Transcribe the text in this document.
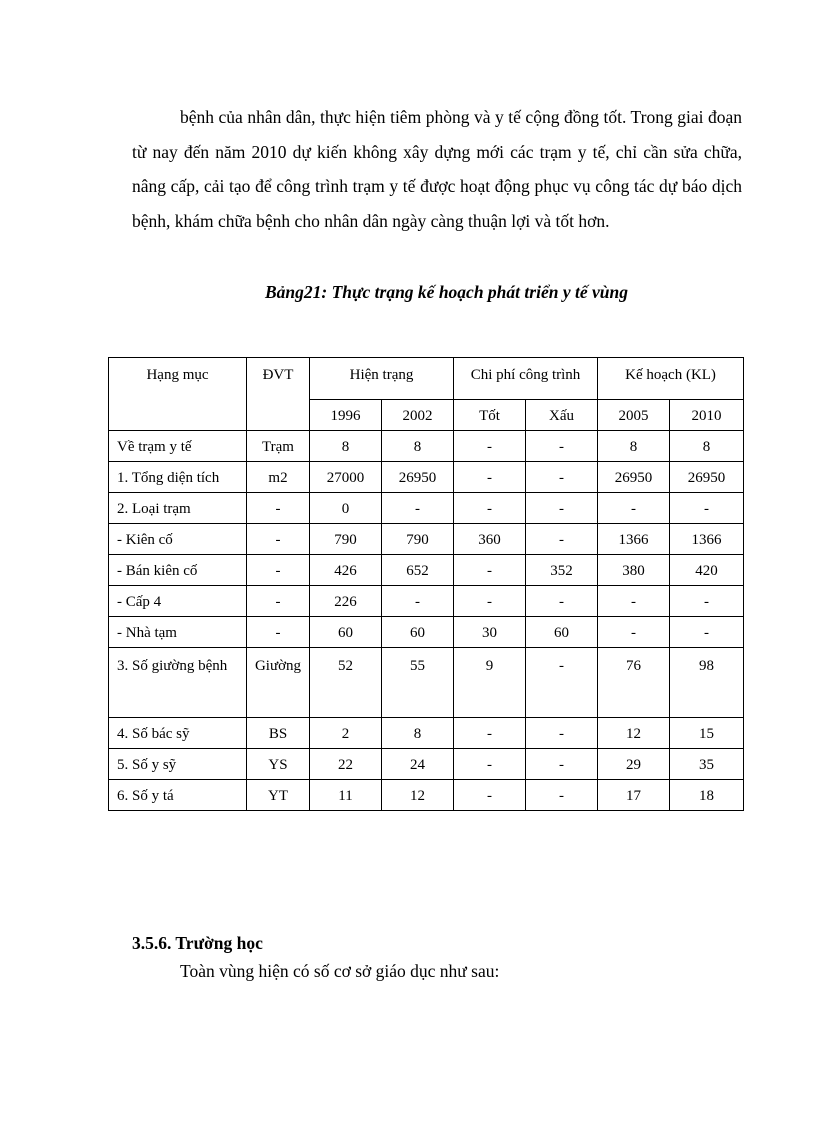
bệnh của nhân dân, thực hiện tiêm phòng và y tế cộng đồng tốt. Trong giai đoạn từ nay đến năm 2010 dự kiến không xây dựng mới các trạm y tế, chỉ cần sửa chữa, nâng cấp, cải tạo để công trình trạm y tế được hoạt động phục vụ công tác dự báo dịch bệnh, khám chữa bệnh cho nhân dân ngày càng thuận lợi và tốt hơn.
Bảng21: Thực trạng kế hoạch phát triển y tế vùng
Hạng mục	ĐVT	Hiện trạng		Chi phí công trình		Kế hoạch (KL)	
		1996	2002	Tốt	Xấu	2005	2010
Về trạm y tế	Trạm	8	8	-	-	8	8
1. Tổng diện tích	m2	27000	26950	-	-	26950	26950
2. Loại trạm	-	0	-	-	-	-	-
- Kiên cố	-	790	790	360	-	1366	1366
- Bán kiên cố	-	426	652	-	352	380	420
- Cấp 4	-	226	-	-	-	-	-
- Nhà tạm	-	60	60	30	60	-	-
3. Số giường bệnh	Giường	52	55	9	-	76	98
4. Số bác sỹ	BS	2	8	-	-	12	15
5. Số y sỹ	YS	22	24	-	-	29	35
6. Số y tá	YT	11	12	-	-	17	18
3.5.6. Trường học
Toàn vùng hiện có số cơ sở giáo dục như sau:
